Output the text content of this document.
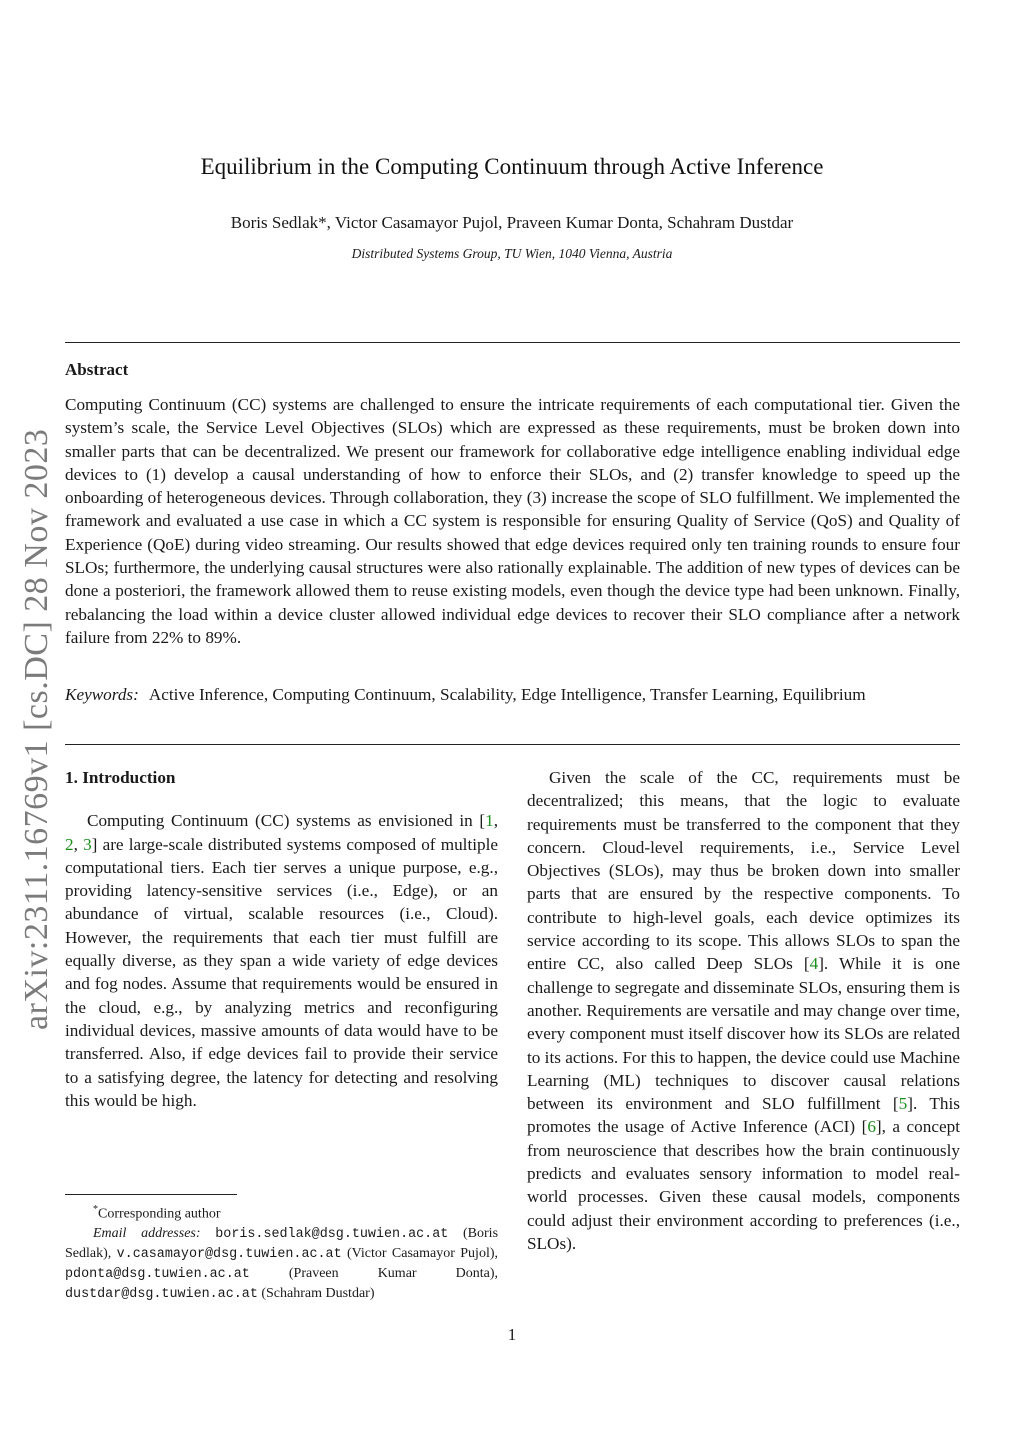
arXiv:2311.16769v1 [cs.DC] 28 Nov 2023
Equilibrium in the Computing Continuum through Active Inference
Boris Sedlak*, Victor Casamayor Pujol, Praveen Kumar Donta, Schahram Dustdar
Distributed Systems Group, TU Wien, 1040 Vienna, Austria
Abstract

Computing Continuum (CC) systems are challenged to ensure the intricate requirements of each computational tier. Given the system’s scale, the Service Level Objectives (SLOs) which are expressed as these requirements, must be broken down into smaller parts that can be decentralized. We present our framework for collaborative edge intelligence enabling individual edge devices to (1) develop a causal understanding of how to enforce their SLOs, and (2) transfer knowledge to speed up the onboarding of heterogeneous devices. Through collaboration, they (3) increase the scope of SLO fulfillment. We implemented the framework and evaluated a use case in which a CC system is responsible for ensuring Quality of Service (QoS) and Quality of Experience (QoE) during video streaming. Our results showed that edge devices required only ten training rounds to ensure four SLOs; furthermore, the underlying causal structures were also rationally explainable. The addition of new types of devices can be done a posteriori, the framework allowed them to reuse existing models, even though the device type had been unknown. Finally, rebalancing the load within a device cluster allowed individual edge devices to recover their SLO compliance after a network failure from 22% to 89%.

Keywords: Active Inference, Computing Continuum, Scalability, Edge Intelligence, Transfer Learning, Equilibrium

1. Introduction

Computing Continuum (CC) systems as envisioned in [1, 2, 3] are large-scale distributed systems composed of multiple computational tiers. Each tier serves a unique purpose, e.g., providing latency-sensitive services (i.e., Edge), or an abundance of virtual, scalable resources (i.e., Cloud). However, the requirements that each tier must fulfill are equally diverse, as they span a wide variety of edge devices and fog nodes. Assume that requirements would be ensured in the cloud, e.g., by analyzing metrics and reconfiguring individual devices, massive amounts of data would have to be transferred. Also, if edge devices fail to provide their service to a satisfying degree, the latency for detecting and resolving this would be high.

Given the scale of the CC, requirements must be decentralized; this means, that the logic to evaluate requirements must be transferred to the component that they concern. Cloud-level requirements, i.e., Service Level Objectives (SLOs), may thus be broken down into smaller parts that are ensured by the respective components. To contribute to high-level goals, each device optimizes its service according to its scope. This allows SLOs to span the entire CC, also called Deep SLOs [4]. While it is one challenge to segregate and disseminate SLOs, ensuring them is another. Requirements are versatile and may change over time, every component must itself discover how its SLOs are related to its actions. For this to happen, the device could use Machine Learning (ML) techniques to discover causal relations between its environment and SLO fulfillment [5]. This promotes the usage of Active Inference (ACI) [6], a concept from neuroscience that describes how the brain continuously predicts and evaluates sensory information to model real-world processes. Given these causal models, components could adjust their environment according to preferences (i.e., SLOs).

*Corresponding author

Email addresses: boris.sedlak@dsg.tuwien.ac.at (Boris Sedlak), v.casamayor@dsg.tuwien.ac.at (Victor Casamayor Pujol), pdonta@dsg.tuwien.ac.at	(Praveen Kumar Donta), dustdar@dsg.tuwien.ac.at (Schahram Dustdar)

1
